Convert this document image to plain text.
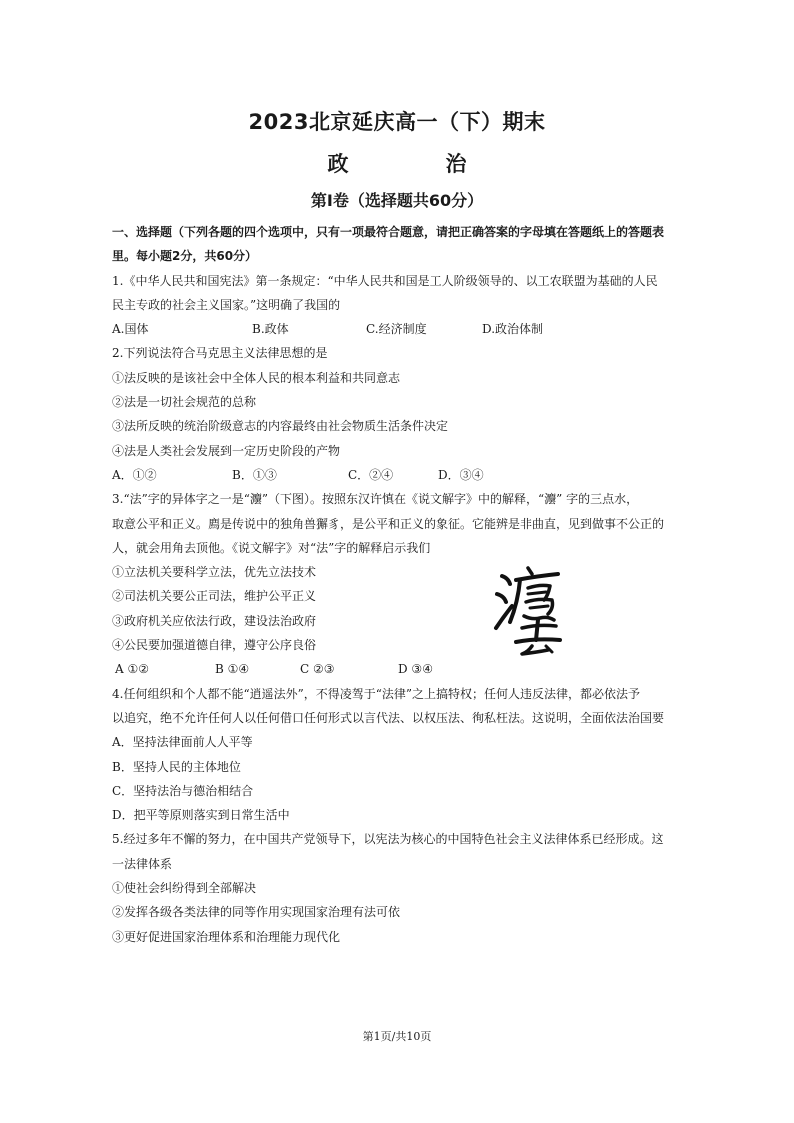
2023北京延庆高一（下）期末
政　治
第Ⅰ卷（选择题共60分）
一、选择题（下列各题的四个选项中，只有一项最符合题意，请把正确答案的字母填在答题纸上的答题表
里。每小题2分，共60分）
1.《中华人民共和国宪法》第一条规定：“中华人民共和国是工人阶级领导的、以工农联盟为基础的人民
民主专政的社会主义国家。”这明确了我国的
A.国体	B.政体	C.经济制度	D.政治体制
2.下列说法符合马克思主义法律思想的是
①法反映的是该社会中全体人民的根本利益和共同意志
②法是一切社会规范的总称
③法所反映的统治阶级意志的内容最终由社会物质生活条件决定
④法是人类社会发展到一定历史阶段的产物
A．①②	B．①③	C．②④	D．③④
3.“法”字的异体字之一是“灋”（下图）。按照东汉许慎在《说文解字》中的解释，“灋” 字的三点水，
取意公平和正义。廌是传说中的独角兽獬豸，是公平和正义的象征。它能辨是非曲直，见到做事不公正的
人，就会用角去顶他。《说文解字》对“法”字的解释启示我们
①立法机关要科学立法，优先立法技术
②司法机关要公正司法，维护公平正义
③政府机关应依法行政，建设法治政府
④公民要加强道德自律，遵守公序良俗
A ①②	B ①④	C ②③	D ③④
4.任何组织和个人都不能“逍遥法外”，不得凌驾于“法律”之上搞特权；任何人违反法律，都必依法予
以追究，绝不允许任何人以任何借口任何形式以言代法、以权压法、徇私枉法。这说明，全面依法治国要
A．坚持法律面前人人平等
B．坚持人民的主体地位
C．坚持法治与德治相结合
D．把平等原则落实到日常生活中
5.经过多年不懈的努力，在中国共产党领导下，以宪法为核心的中国特色社会主义法律体系已经形成。这
一法律体系
①使社会纠纷得到全部解决
②发挥各级各类法律的同等作用实现国家治理有法可依
③更好促进国家治理体系和治理能力现代化
第1页/共10页
